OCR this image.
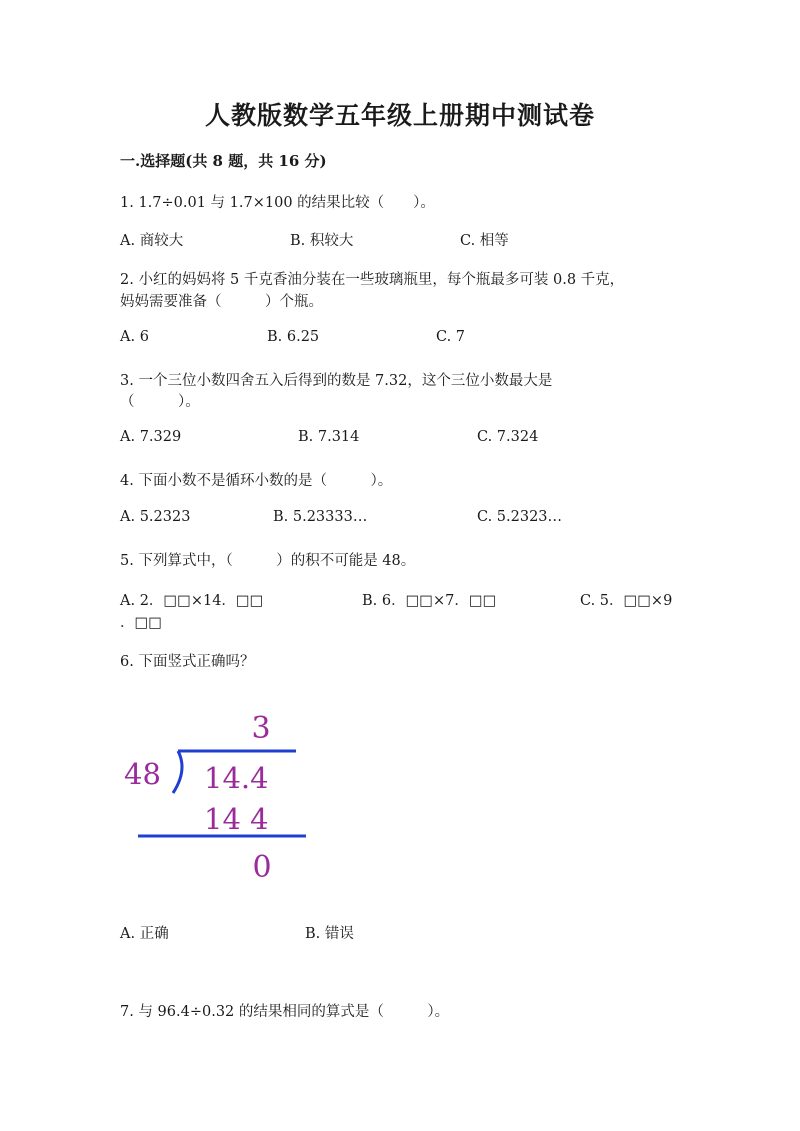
人教版数学五年级上册期中测试卷
一.选择题(共 8 题，共 16 分)
1. 1.7÷0.01 与 1.7×100 的结果比较（　　）。
A. 商较大	B. 积较大	C. 相等
2. 小红的妈妈将 5 千克香油分装在一些玻璃瓶里，每个瓶最多可装 0.8 千克，
妈妈需要准备（　　　）个瓶。
A. 6	B. 6.25	C. 7
3. 一个三位小数四舍五入后得到的数是 7.32，这个三位小数最大是
（　　　）。
A. 7.329	B. 7.314	C. 7.324
4. 下面小数不是循环小数的是（　　　）。
A. 5.2323	B. 5.23333…	C. 5.2323…
5. 下列算式中，（　　　）的积不可能是 48。
A. 2．□□×14．□□	B. 6．□□×7．□□	C. 5．□□×9
．□□
6. 下面竖式正确吗？
3
48 14.4
14 4
0
A. 正确	B. 错误
7. 与 96.4÷0.32 的结果相同的算式是（　　　）。
